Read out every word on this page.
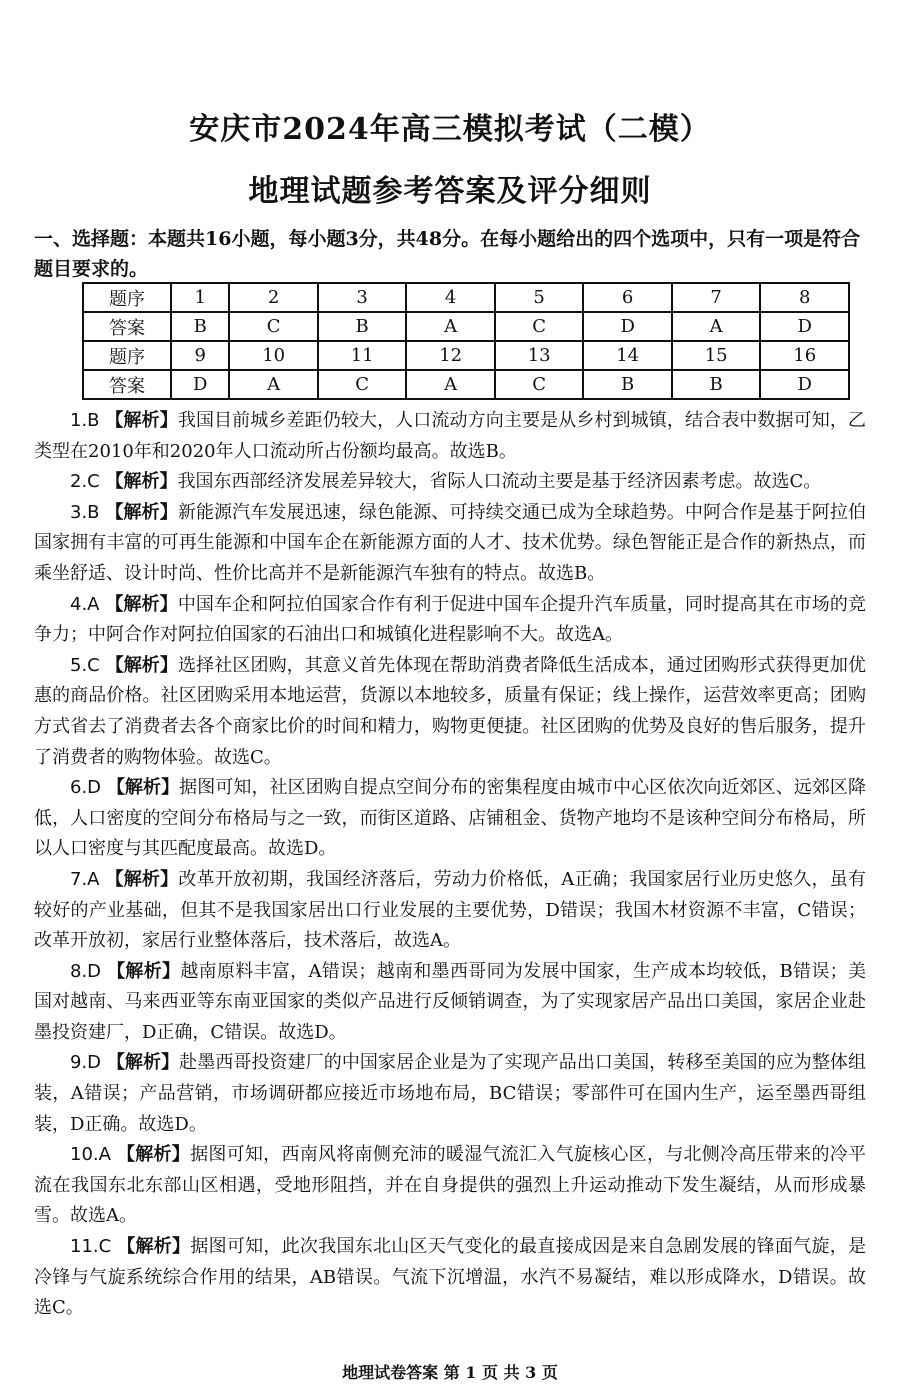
安庆市2024年高三模拟考试（二模）
地理试题参考答案及评分细则
一、选择题：本题共16小题，每小题3分，共48分。在每小题给出的四个选项中，只有一项是符合题目要求的。
题序	1	2	3	4	5	6	7	8
答案	B	C	B	A	C	D	A	D
题序	9	10	11	12	13	14	15	16
答案	D	A	C	A	C	B	B	D

1.B 【解析】我国目前城乡差距仍较大，人口流动方向主要是从乡村到城镇，结合表中数据可知，乙类型在2010年和2020年人口流动所占份额均最高。故选B。

2.C 【解析】我国东西部经济发展差异较大，省际人口流动主要是基于经济因素考虑。故选C。

3.B 【解析】新能源汽车发展迅速，绿色能源、可持续交通已成为全球趋势。中阿合作是基于阿拉伯国家拥有丰富的可再生能源和中国车企在新能源方面的人才、技术优势。绿色智能正是合作的新热点，而乘坐舒适、设计时尚、性价比高并不是新能源汽车独有的特点。故选B。

4.A 【解析】中国车企和阿拉伯国家合作有利于促进中国车企提升汽车质量，同时提高其在市场的竞争力；中阿合作对阿拉伯国家的石油出口和城镇化进程影响不大。故选A。

5.C 【解析】选择社区团购，其意义首先体现在帮助消费者降低生活成本，通过团购形式获得更加优惠的商品价格。社区团购采用本地运营，货源以本地较多，质量有保证；线上操作，运营效率更高；团购方式省去了消费者去各个商家比价的时间和精力，购物更便捷。社区团购的优势及良好的售后服务，提升了消费者的购物体验。故选C。

6.D 【解析】据图可知，社区团购自提点空间分布的密集程度由城市中心区依次向近郊区、远郊区降低，人口密度的空间分布格局与之一致，而街区道路、店铺租金、货物产地均不是该种空间分布格局，所以人口密度与其匹配度最高。故选D。

7.A 【解析】改革开放初期，我国经济落后，劳动力价格低，A正确；我国家居行业历史悠久，虽有较好的产业基础，但其不是我国家居出口行业发展的主要优势，D错误；我国木材资源不丰富，C错误；改革开放初，家居行业整体落后，技术落后，故选A。

8.D 【解析】越南原料丰富，A错误；越南和墨西哥同为发展中国家，生产成本均较低，B错误；美国对越南、马来西亚等东南亚国家的类似产品进行反倾销调查，为了实现家居产品出口美国，家居企业赴墨投资建厂，D正确，C错误。故选D。

9.D 【解析】赴墨西哥投资建厂的中国家居企业是为了实现产品出口美国，转移至美国的应为整体组装，A错误；产品营销，市场调研都应接近市场地布局，BC错误；零部件可在国内生产，运至墨西哥组装，D正确。故选D。

10.A 【解析】据图可知，西南风将南侧充沛的暖湿气流汇入气旋核心区，与北侧冷高压带来的冷平流在我国东北东部山区相遇，受地形阻挡，并在自身提供的强烈上升运动推动下发生凝结，从而形成暴雪。故选A。

11.C 【解析】据图可知，此次我国东北山区天气变化的最直接成因是来自急剧发展的锋面气旋，是冷锋与气旋系统综合作用的结果，AB错误。气流下沉增温，水汽不易凝结，难以形成降水，D错误。故选C。

地理试卷答案 第 1 页 共 3 页
